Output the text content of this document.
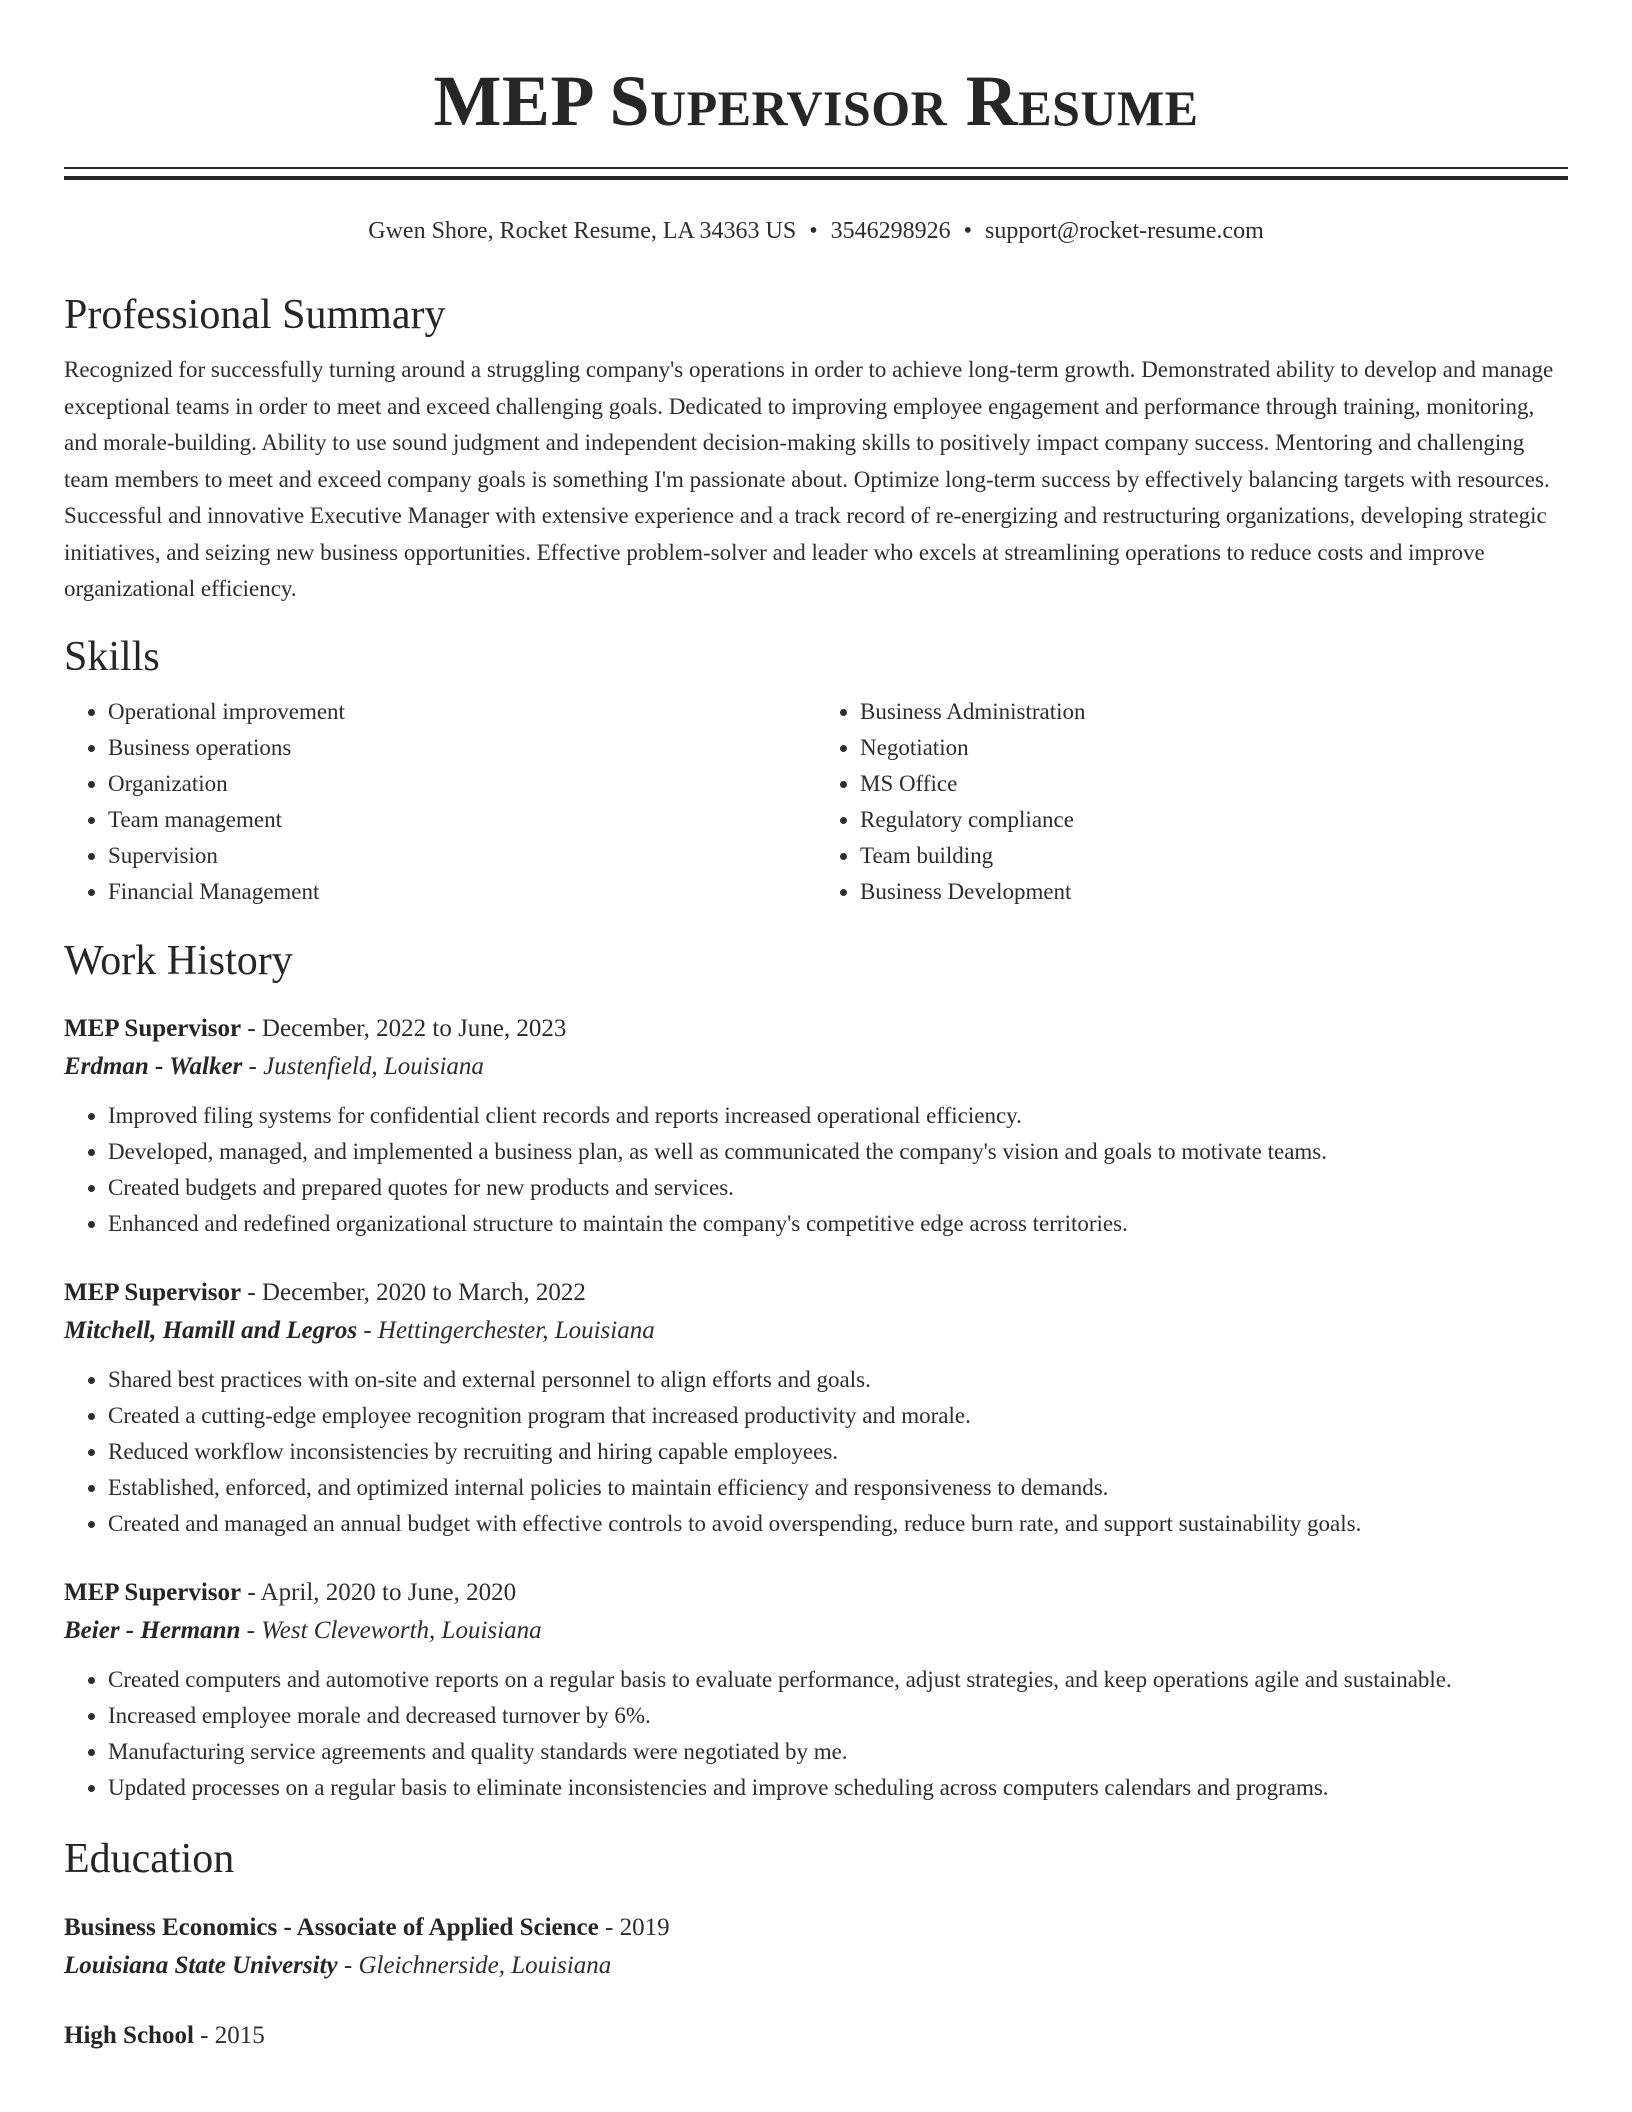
MEP Supervisor Resume
Gwen Shore, Rocket Resume, LA 34363 US • 3546298926 • support@rocket-resume.com
Professional Summary
Recognized for successfully turning around a struggling company's operations in order to achieve long-term growth. Demonstrated ability to develop and manage exceptional teams in order to meet and exceed challenging goals. Dedicated to improving employee engagement and performance through training, monitoring, and morale-building. Ability to use sound judgment and independent decision-making skills to positively impact company success. Mentoring and challenging team members to meet and exceed company goals is something I'm passionate about. Optimize long-term success by effectively balancing targets with resources. Successful and innovative Executive Manager with extensive experience and a track record of re-energizing and restructuring organizations, developing strategic initiatives, and seizing new business opportunities. Effective problem-solver and leader who excels at streamlining operations to reduce costs and improve organizational efficiency.
Skills
• Operational improvement
• Business operations
• Organization
• Team management
• Supervision
• Financial Management
• Business Administration
• Negotiation
• MS Office
• Regulatory compliance
• Team building
• Business Development
Work History
MEP Supervisor - December, 2022 to June, 2023
Erdman - Walker - Justenfield, Louisiana
• Improved filing systems for confidential client records and reports increased operational efficiency.
• Developed, managed, and implemented a business plan, as well as communicated the company's vision and goals to motivate teams.
• Created budgets and prepared quotes for new products and services.
• Enhanced and redefined organizational structure to maintain the company's competitive edge across territories.
MEP Supervisor - December, 2020 to March, 2022
Mitchell, Hamill and Legros - Hettingerchester, Louisiana
• Shared best practices with on-site and external personnel to align efforts and goals.
• Created a cutting-edge employee recognition program that increased productivity and morale.
• Reduced workflow inconsistencies by recruiting and hiring capable employees.
• Established, enforced, and optimized internal policies to maintain efficiency and responsiveness to demands.
• Created and managed an annual budget with effective controls to avoid overspending, reduce burn rate, and support sustainability goals.
MEP Supervisor - April, 2020 to June, 2020
Beier - Hermann - West Cleveworth, Louisiana
• Created computers and automotive reports on a regular basis to evaluate performance, adjust strategies, and keep operations agile and sustainable.
• Increased employee morale and decreased turnover by 6%.
• Manufacturing service agreements and quality standards were negotiated by me.
• Updated processes on a regular basis to eliminate inconsistencies and improve scheduling across computers calendars and programs.
Education
Business Economics - Associate of Applied Science - 2019
Louisiana State University - Gleichnerside, Louisiana
High School - 2015
